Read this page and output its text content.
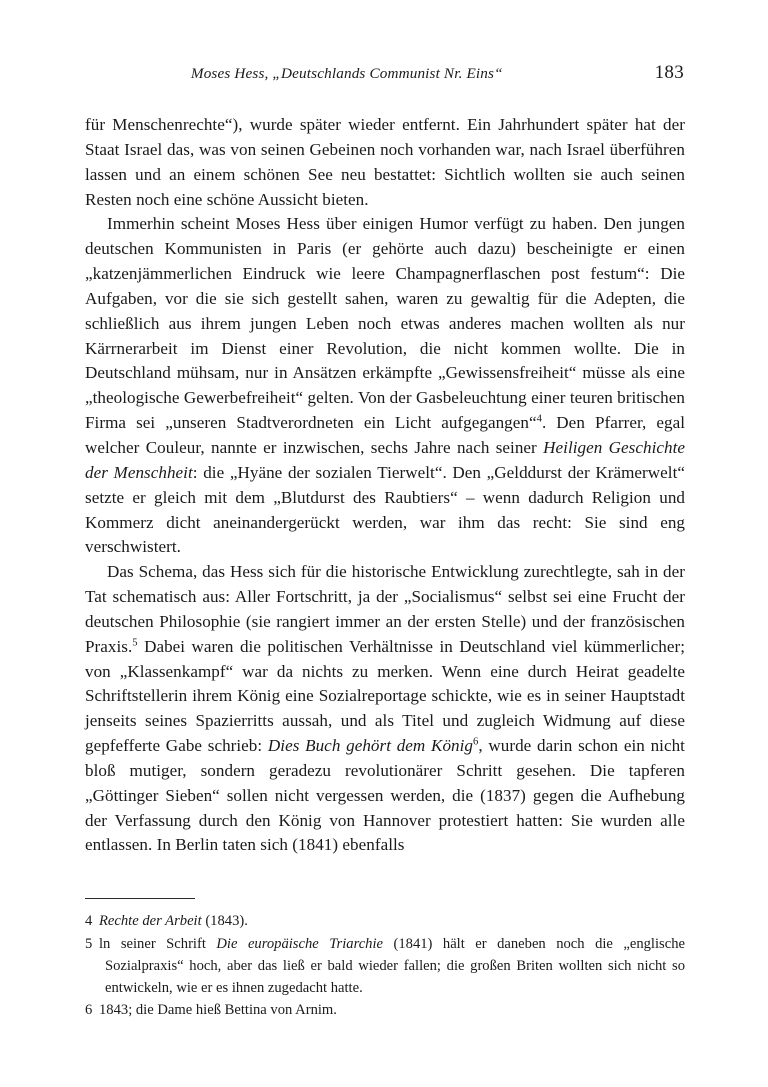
Moses Hess, „Deutschlands Communist Nr. Eins“	183

für Menschenrechte“), wurde später wieder entfernt. Ein Jahrhundert später hat der Staat Israel das, was von seinen Gebeinen noch vorhanden war, nach Israel überführen lassen und an einem schönen See neu bestattet: Sichtlich wollten sie auch seinen Resten noch eine schöne Aussicht bieten.

Immerhin scheint Moses Hess über einigen Humor verfügt zu haben. Den jungen deutschen Kommunisten in Paris (er gehörte auch dazu) bescheinigte er einen „katzenjämmerlichen Eindruck wie leere Champagnerflaschen post festum“: Die Aufgaben, vor die sie sich gestellt sahen, waren zu gewaltig für die Adepten, die schließlich aus ihrem jungen Leben noch etwas anderes machen wollten als nur Kärrnerarbeit im Dienst einer Revolution, die nicht kommen wollte. Die in Deutschland mühsam, nur in Ansätzen erkämpfte „Gewissensfreiheit“ müsse als eine „theologische Gewerbefreiheit“ gelten. Von der Gasbeleuchtung einer teuren britischen Firma sei „unseren Stadtverordneten ein Licht aufgegangen“$^4$. Den Pfarrer, egal welcher Couleur, nannte er inzwischen, sechs Jahre nach seiner Heiligen Geschichte der Menschheit: die „Hyäne der sozialen Tierwelt“. Den „Gelddurst der Krämerwelt“ setzte er gleich mit dem „Blutdurst des Raubtiers“ – wenn dadurch Religion und Kommerz dicht aneinandergerückt werden, war ihm das recht: Sie sind eng verschwistert.

Das Schema, das Hess sich für die historische Entwicklung zurechtlegte, sah in der Tat schematisch aus: Aller Fortschritt, ja der „Socialismus“ selbst sei eine Frucht der deutschen Philosophie (sie rangiert immer an der ersten Stelle) und der französischen Praxis.$^5$ Dabei waren die politischen Verhältnisse in Deutschland viel kümmerlicher; von „Klassenkampf“ war da nichts zu merken. Wenn eine durch Heirat geadelte Schriftstellerin ihrem König eine Sozialreportage schickte, wie es in seiner Hauptstadt jenseits seines Spazierritts aussah, und als Titel und zugleich Widmung auf diese gepfefferte Gabe schrieb: Dies Buch gehört dem König$^6$, wurde darin schon ein nicht bloß mutiger, sondern geradezu revolutionärer Schritt gesehen. Die tapferen „Göttinger Sieben“ sollen nicht vergessen werden, die (1837) gegen die Aufhebung der Verfassung durch den König von Hannover protestiert hatten: Sie wurden alle entlassen. In Berlin taten sich (1841) ebenfalls

4 Rechte der Arbeit (1843).

5 ln seiner Schrift Die europäische Triarchie (1841) hält er daneben noch die „englische Sozialpraxis“ hoch, aber das ließ er bald wieder fallen; die großen Briten wollten sich nicht so entwickeln, wie er es ihnen zugedacht hatte.

6 1843; die Dame hieß Bettina von Arnim.
